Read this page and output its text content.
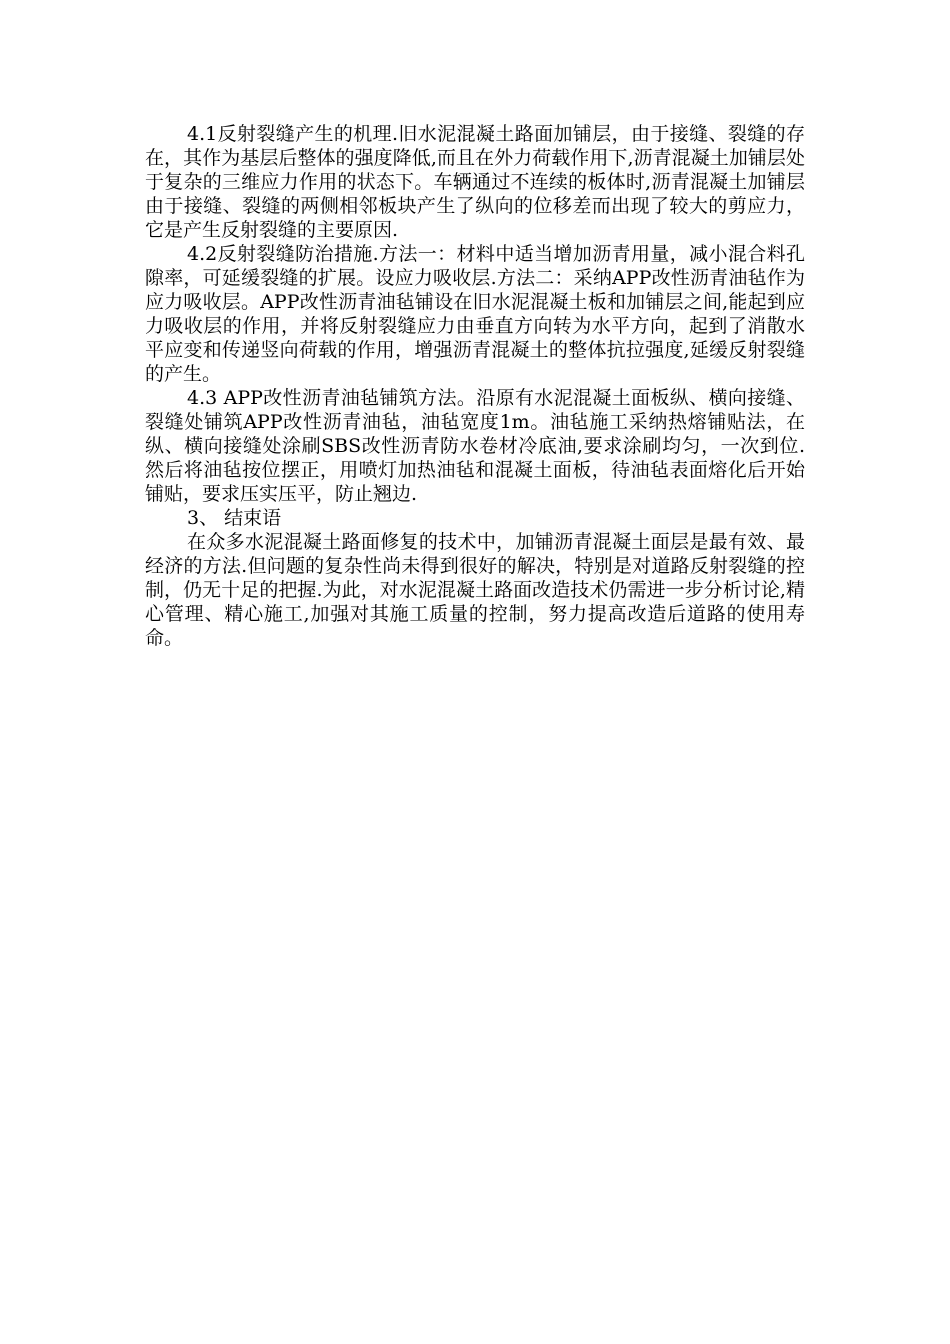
4.1反射裂缝产生的机理.旧水泥混凝土路面加铺层，由于接缝、裂缝的存在，其作为基层后整体的强度降低,而且在外力荷载作用下,沥青混凝土加铺层处于复杂的三维应力作用的状态下。车辆通过不连续的板体时,沥青混凝土加铺层由于接缝、裂缝的两侧相邻板块产生了纵向的位移差而出现了较大的剪应力，它是产生反射裂缝的主要原因.

4.2反射裂缝防治措施.方法一：材料中适当增加沥青用量，减小混合料孔隙率，可延缓裂缝的扩展。设应力吸收层.方法二：采纳APP改性沥青油毡作为应力吸收层。APP改性沥青油毡铺设在旧水泥混凝土板和加铺层之间,能起到应力吸收层的作用，并将反射裂缝应力由垂直方向转为水平方向，起到了消散水平应变和传递竖向荷载的作用，增强沥青混凝土的整体抗拉强度,延缓反射裂缝的产生。

4.3 APP改性沥青油毡铺筑方法。沿原有水泥混凝土面板纵、横向接缝、裂缝处铺筑APP改性沥青油毡，油毡宽度1m。油毡施工采纳热熔铺贴法，在纵、横向接缝处涂刷SBS改性沥青防水卷材冷底油,要求涂刷均匀，一次到位.然后将油毡按位摆正，用喷灯加热油毡和混凝土面板，待油毡表面熔化后开始铺贴，要求压实压平，防止翘边.

3、 结束语

在众多水泥混凝土路面修复的技术中，加铺沥青混凝土面层是最有效、最经济的方法.但问题的复杂性尚未得到很好的解决，特别是对道路反射裂缝的控制，仍无十足的把握.为此，对水泥混凝土路面改造技术仍需进一步分析讨论,精心管理、精心施工,加强对其施工质量的控制，努力提高改造后道路的使用寿命。
